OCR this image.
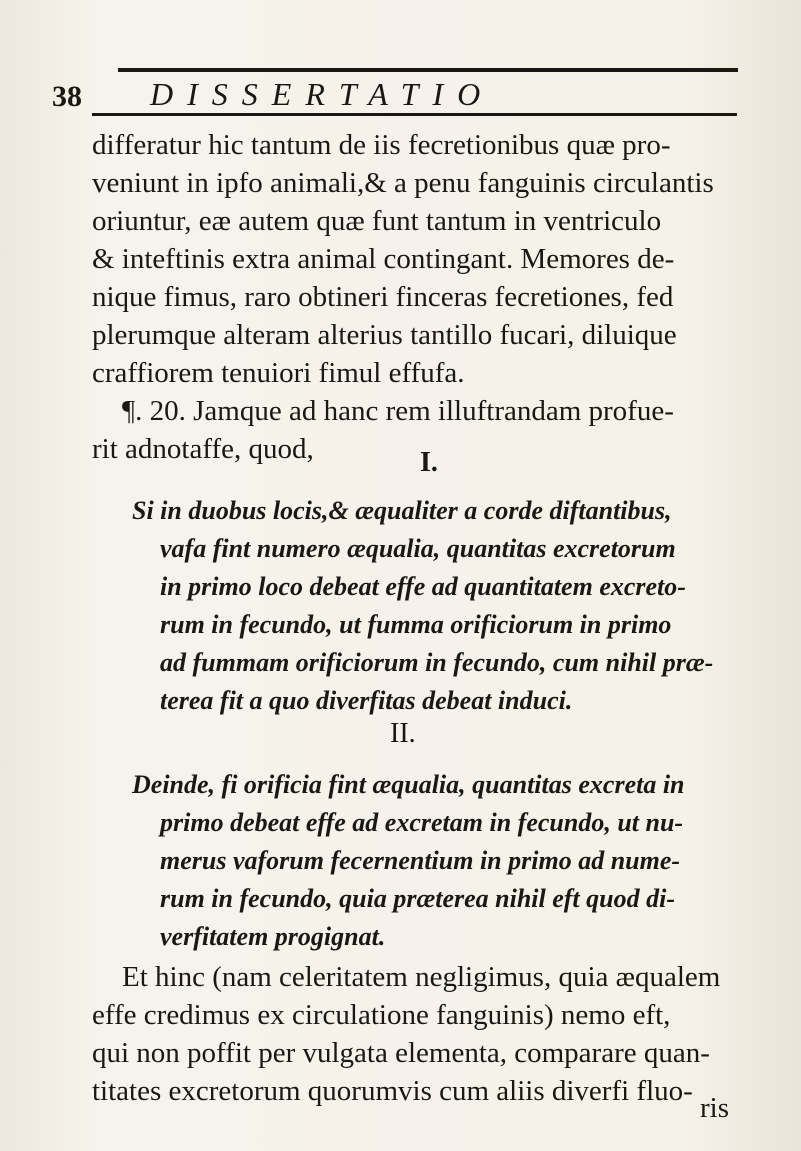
38 DISSERTATIO
differatur hic tantum de iis fecretionibus quæ pro-
veniunt in ipfo animali,& a penu fanguinis circulantis
oriuntur, eæ autem quæ funt tantum in ventriculo
& inteftinis extra animal contingant. Memores de-
nique fimus, raro obtineri finceras fecretiones, fed
plerumque alteram alterius tantillo fucari, diluique
craffiorem tenuiori fimul effufa.
¶. 20. Jamque ad hanc rem illuftrandam profue-
rit adnotaffe, quod,	I.
Si in duobus locis,& æqualiter a corde diftantibus,
vafa fint numero æqualia, quantitas excretorum
in primo loco debeat effe ad quantitatem excreto-
rum in fecundo, ut fumma orificiorum in primo
ad fummam orificiorum in fecundo, cum nihil præ-
terea fit a quo diverfitas debeat induci.
II.
Deinde, fi orificia fint æqualia, quantitas excreta in
primo debeat effe ad excretam in fecundo, ut nu-
merus vaforum fecernentium in primo ad nume-
rum in fecundo, quia præterea nihil eft quod di-
verfitatem progignat.
Et hinc (nam celeritatem negligimus, quia æqualem
effe credimus ex circulatione fanguinis) nemo eft,
qui non poffit per vulgata elementa, comparare quan-
titates excretorum quorumvis cum aliis diverfi fluo-
ris
